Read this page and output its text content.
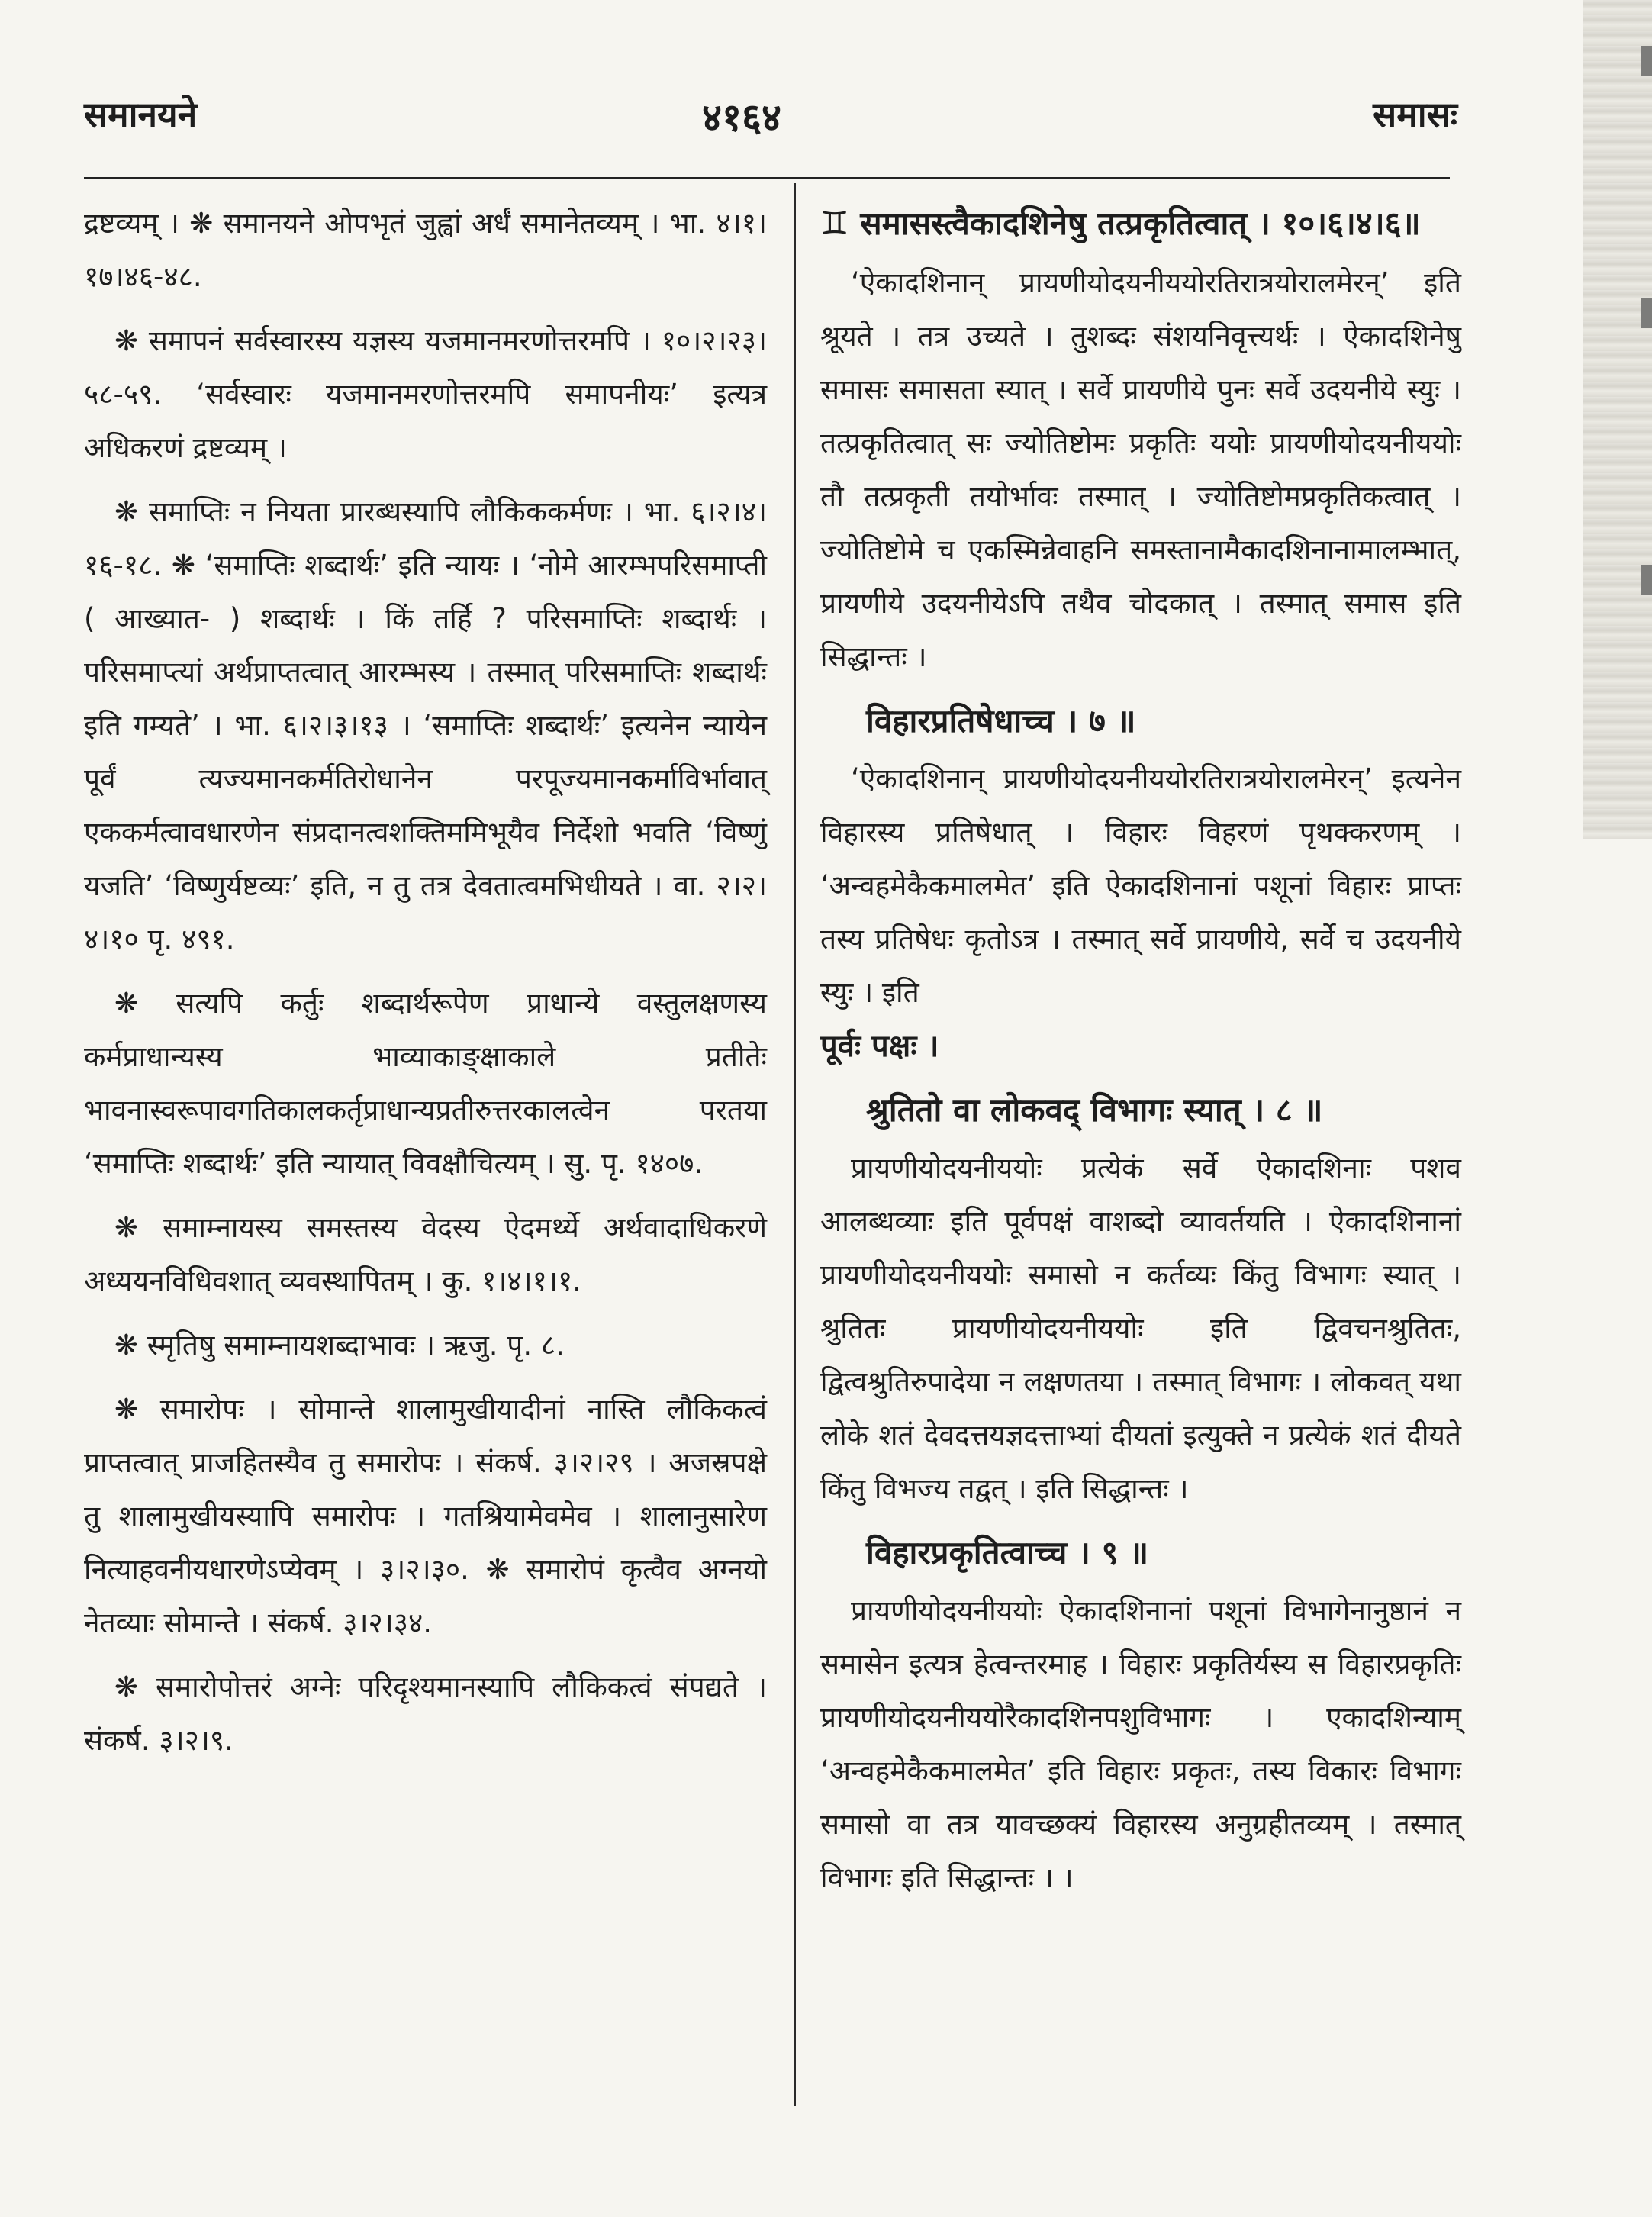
समानयने	४१६४	समासः

द्रष्टव्यम् । ❋ समानयने ओपभृतं जुह्वां अर्धं समानेतव्यम् । भा. ४।१।१७।४६-४८.

❋ समापनं सर्वस्वारस्य यज्ञस्य यजमानमरणोत्तरमपि । १०।२।२३।५८-५९. ‘सर्वस्वारः यजमानमरणोत्तरमपि समापनीयः’ इत्यत्र अधिकरणं द्रष्टव्यम् ।

❋ समाप्तिः न नियता प्रारब्धस्यापि लौकिककर्मणः । भा. ६।२।४।१६-१८. ❋ ‘समाप्तिः शब्दार्थः’ इति न्यायः । ‘नोमे आरम्भपरिसमाप्ती ( आख्यात- ) शब्दार्थः । किं तर्हि ? परिसमाप्तिः शब्दार्थः । परिसमाप्त्यां अर्थप्राप्तत्वात् आरम्भस्य । तस्मात् परिसमाप्तिः शब्दार्थः इति गम्यते’ । भा. ६।२।३।१३ । ‘समाप्तिः शब्दार्थः’ इत्यनेन न्यायेन पूर्वं त्यज्यमानकर्मतिरोधानेन परपूज्यमानकर्माविर्भावात् एककर्मत्वावधारणेन संप्रदानत्वशक्तिममिभूयैव निर्देशो भवति ‘विष्णुं यजति’ ‘विष्णुर्यष्टव्यः’ इति, न तु तत्र देवतात्वमभिधीयते । वा. २।२।४।१० पृ. ४९१.

❋ सत्यपि कर्तुः शब्दार्थरूपेण प्राधान्ये वस्तुलक्षणस्य कर्मप्राधान्यस्य भाव्याकाङ्क्षाकाले प्रतीतेः भावनास्वरूपावगतिकालकर्तृप्राधान्यप्रतीरुत्तरकालत्वेन परतया ‘समाप्तिः शब्दार्थः’ इति न्यायात् विवक्षौचित्यम् । सु. पृ. १४०७.

❋ समाम्नायस्य समस्तस्य वेदस्य ऐदमर्थ्ये अर्थवादाधिकरणे अध्ययनविधिवशात् व्यवस्थापितम् । कु. १।४।१।१.

❋ स्मृतिषु समाम्नायशब्दाभावः । ऋजु. पृ. ८.

❋ समारोपः । सोमान्ते शालामुखीयादीनां नास्ति लौकिकत्वं प्राप्तत्वात् प्राजहितस्यैव तु समारोपः । संकर्ष. ३।२।२९ । अजस्रपक्षे तु शालामुखीयस्यापि समारोपः । गतश्रियामेवमेव । शालानुसारेण नित्याहवनीयधारणेऽप्येवम् । ३।२।३०. ❋ समारोपं कृत्वैव अग्नयो नेतव्याः सोमान्ते । संकर्ष. ३।२।३४.

❋ समारोपोत्तरं अग्नेः परिदृश्यमानस्यापि लौकिकत्वं संपद्यते । संकर्ष. ३।२।९.

♊ समासस्त्वैकादशिनेषु तत्प्रकृतित्वात् । १०।६।४।६॥

‘ऐकादशिनान् प्रायणीयोदयनीययोरतिरात्रयोरालमेरन्’ इति श्रूयते । तत्र उच्यते । तुशब्दः संशयनिवृत्त्यर्थः । ऐकादशिनेषु समासः समासता स्यात् । सर्वे प्रायणीये पुनः सर्वे उदयनीये स्युः । तत्प्रकृतित्वात् सः ज्योतिष्टोमः प्रकृतिः ययोः प्रायणीयोदयनीययोः तौ तत्प्रकृती तयोर्भावः तस्मात् । ज्योतिष्टोमप्रकृतिकत्वात् । ज्योतिष्टोमे च एकस्मिन्नेवाहनि समस्तानामैकादशिनानामालम्भात्, प्रायणीये उदयनीयेऽपि तथैव चोदकात् । तस्मात् समास इति सिद्धान्तः ।

विहारप्रतिषेधाच्च । ७ ॥

‘ऐकादशिनान् प्रायणीयोदयनीययोरतिरात्रयोरालमेरन्’ इत्यनेन विहारस्य प्रतिषेधात् । विहारः विहरणं पृथक्करणम् । ‘अन्वहमेकैकमालमेत’ इति ऐकादशिनानां पशूनां विहारः प्राप्तः तस्य प्रतिषेधः कृतोऽत्र । तस्मात् सर्वे प्रायणीये, सर्वे च उदयनीये स्युः । इति

पूर्वः पक्षः ।

श्रुतितो वा लोकवद् विभागः स्यात् । ८ ॥

प्रायणीयोदयनीययोः प्रत्येकं सर्वे ऐकादशिनाः पशव आलब्धव्याः इति पूर्वपक्षं वाशब्दो व्यावर्तयति । ऐकादशिनानां प्रायणीयोदयनीययोः समासो न कर्तव्यः किंतु विभागः स्यात् । श्रुतितः प्रायणीयोदयनीययोः इति द्विवचनश्रुतितः, द्वित्वश्रुतिरुपादेया न लक्षणतया । तस्मात् विभागः । लोकवत् यथा लोके शतं देवदत्तयज्ञदत्ताभ्यां दीयतां इत्युक्ते न प्रत्येकं शतं दीयते किंतु विभज्य तद्वत् । इति सिद्धान्तः ।

विहारप्रकृतित्वाच्च । ९ ॥

प्रायणीयोदयनीययोः ऐकादशिनानां पशूनां विभागेनानुष्ठानं न समासेन इत्यत्र हेत्वन्तरमाह । विहारः प्रकृतिर्यस्य स विहारप्रकृतिः प्रायणीयोदयनीययोरैकादशिनपशुविभागः । एकादशिन्याम् ‘अन्वहमेकैकमालमेत’ इति विहारः प्रकृतः, तस्य विकारः विभागः समासो वा तत्र यावच्छक्यं विहारस्य अनुग्रहीतव्यम् । तस्मात् विभागः इति सिद्धान्तः । ।
